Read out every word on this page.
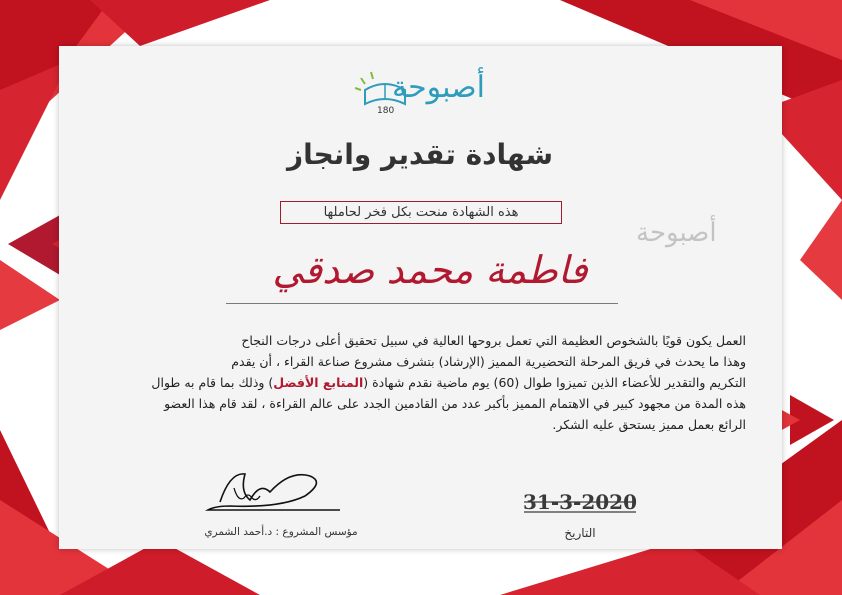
أصبوحة
180
شهادة تقدير وانجاز
هذه الشهادة منحت بكل فخر لحاملها
أصبوحة
فاطمة محمد صدقي
العمل يكون قويًا بالشخوص العظيمة التي تعمل بروحها العالية في سبيل تحقيق أعلى درجات النجاح
وهذا ما يحدث في فريق المرحلة التحضيرية المميز (الإرشاد) بتشرف مشروع صناعة القراء ، أن يقدم
التكريم والتقدير للأعضاء الذين تميزوا طوال (60) يوم ماضية نقدم شهادة (المتابع الأفضل) وذلك بما قام به طوال
هذه المدة من مجهود كبير في الاهتمام المميز بأكبر عدد من القادمين الجدد على عالم القراءة ، لقد قام هذا العضو
الرائع بعمل مميز يستحق عليه الشكر.
مؤسس المشروع : د.أحمد الشمري
31-3-2020
التاريخ
